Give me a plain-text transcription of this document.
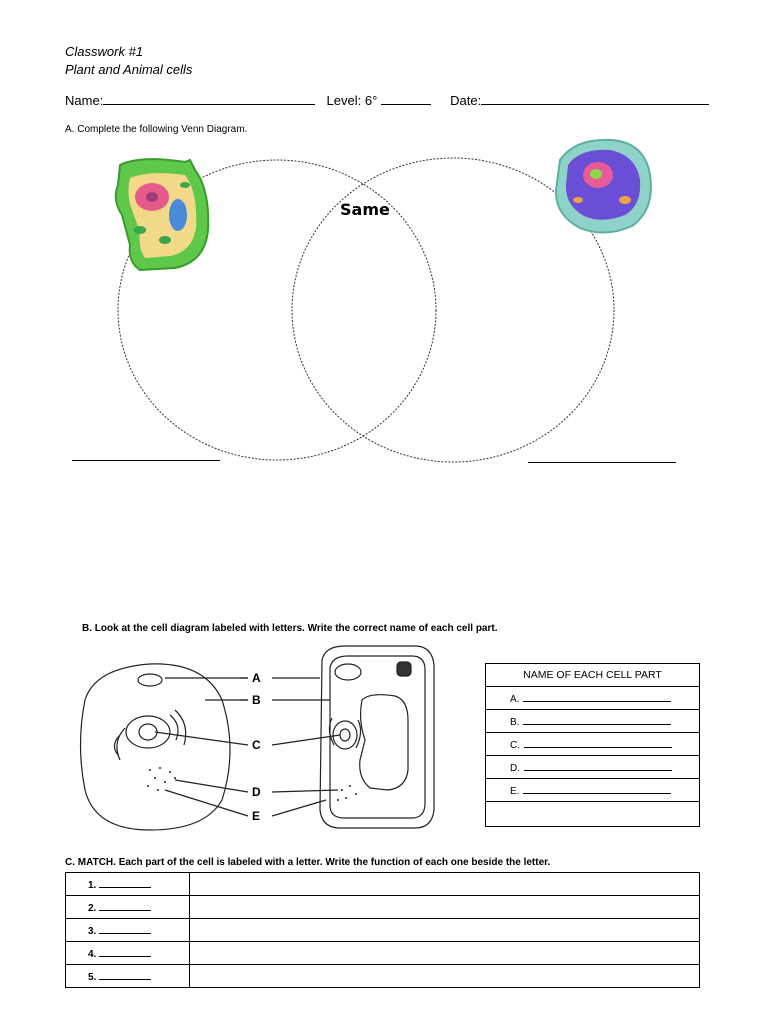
Classwork #1
Plant and Animal cells
Name:	Level: 6°	Date:
A. Complete the following Venn Diagram.
Same
B. Look at the cell diagram labeled with letters. Write the correct name of each cell part.
A
B
C
D
E
NAME OF EACH CELL PART
A.
B.
C.
D.
E.

C. MATCH. Each part of the cell is labeled with a letter. Write the function of each one beside the letter.
1.	
2.	
3.	
4.	
5.	
